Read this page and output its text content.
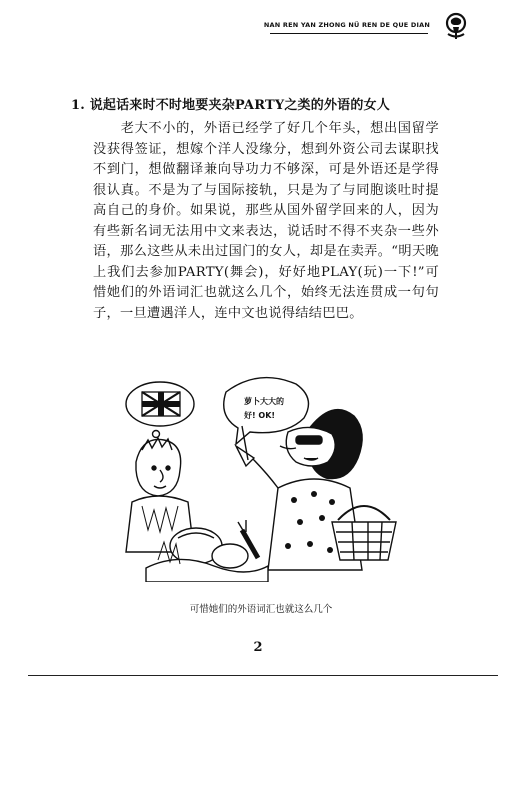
NAN REN YAN ZHONG NÜ REN DE QUE DIAN
1. 说起话来时不时地要夹杂PARTY之类的外语的女人

老大不小的，外语已经学了好几个年头，想出国留学没获得签证，想嫁个洋人没缘分，想到外资公司去谋职找不到门，想做翻译兼向导功力不够深，可是外语还是学得很认真。不是为了与国际接轨，只是为了与同胞谈吐时提高自己的身价。如果说，那些从国外留学回来的人，因为有些新名词无法用中文来表达，说话时不得不夹杂一些外语，那么这些从未出过国门的女人，却是在卖弄。“明天晚上我们去参加PARTY(舞会)，好好地PLAY(玩)一下!”可惜她们的外语词汇也就这么几个，始终无法连贯成一句句子，一旦遭遇洋人，连中文也说得结结巴巴。

萝卜大大的
好! OK!
可惜她们的外语词汇也就这么几个
2
